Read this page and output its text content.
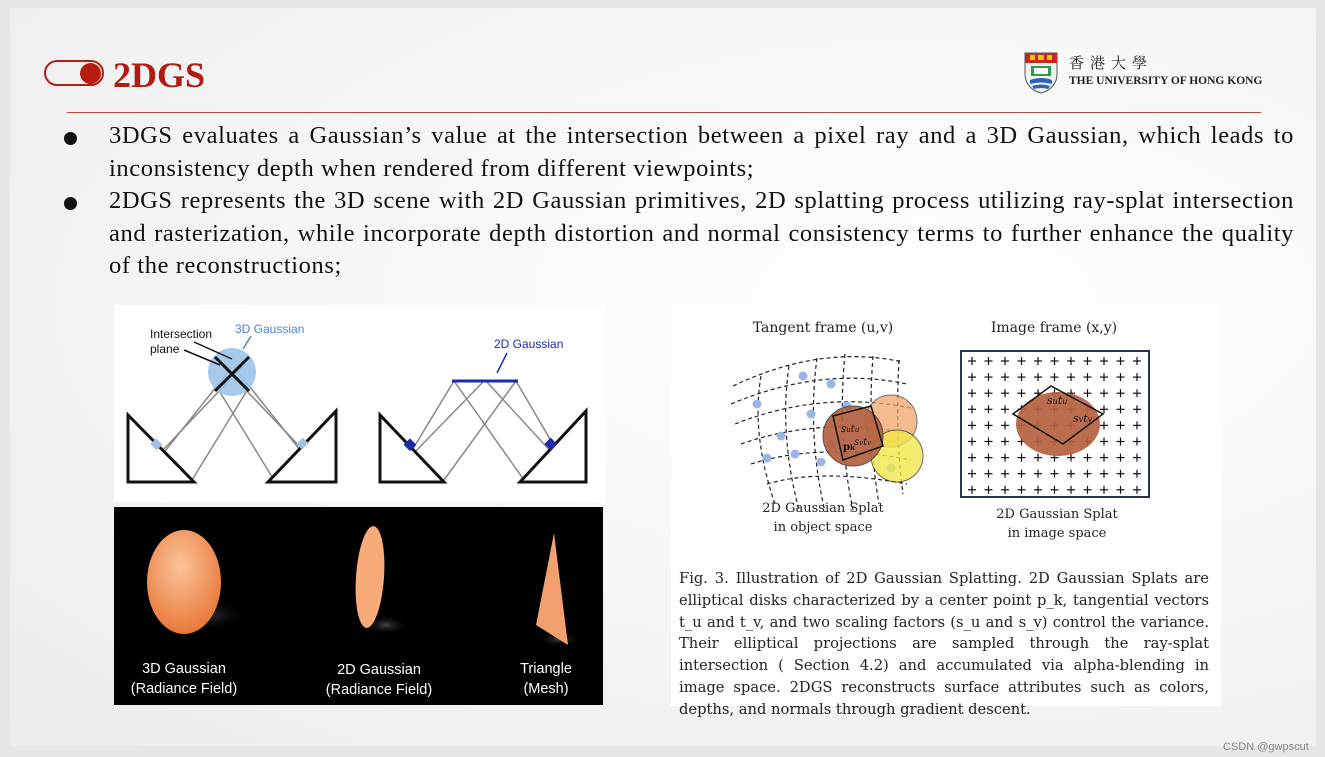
2DGS	香港大學
THE UNIVERSITY OF HONG KONG
3DGS evaluates a Gaussian’s value at the intersection between a pixel ray and a 3D Gaussian, which leads to inconsistency depth when rendered from different viewpoints;
2DGS represents the 3D scene with 2D Gaussian primitives, 2D splatting process utilizing ray-splat intersection and rasterization, while incorporate depth distortion and normal consistency terms to further enhance the quality of the reconstructions;
Intersection
plane
3D Gaussian
2D Gaussian
3D Gaussian
(Radiance Field)
2D Gaussian
(Radiance Field)
Triangle
(Mesh)
Tangent frame (u,v)	Image frame (x,y)
sutu
svtv
pk
2D Gaussian Splat
in object space
sutu
svtv
2D Gaussian Splat
in image space
Fig. 3. Illustration of 2D Gaussian Splatting. 2D Gaussian Splats are elliptical disks characterized by a center point p_k, tangential vectors t_u and t_v, and two scaling factors (s_u and s_v) control the variance. Their elliptical projections are sampled through the ray-splat intersection ( Section 4.2) and accumulated via alpha-blending in image space. 2DGS reconstructs surface attributes such as colors, depths, and normals through gradient descent.
CSDN @gwpscut
